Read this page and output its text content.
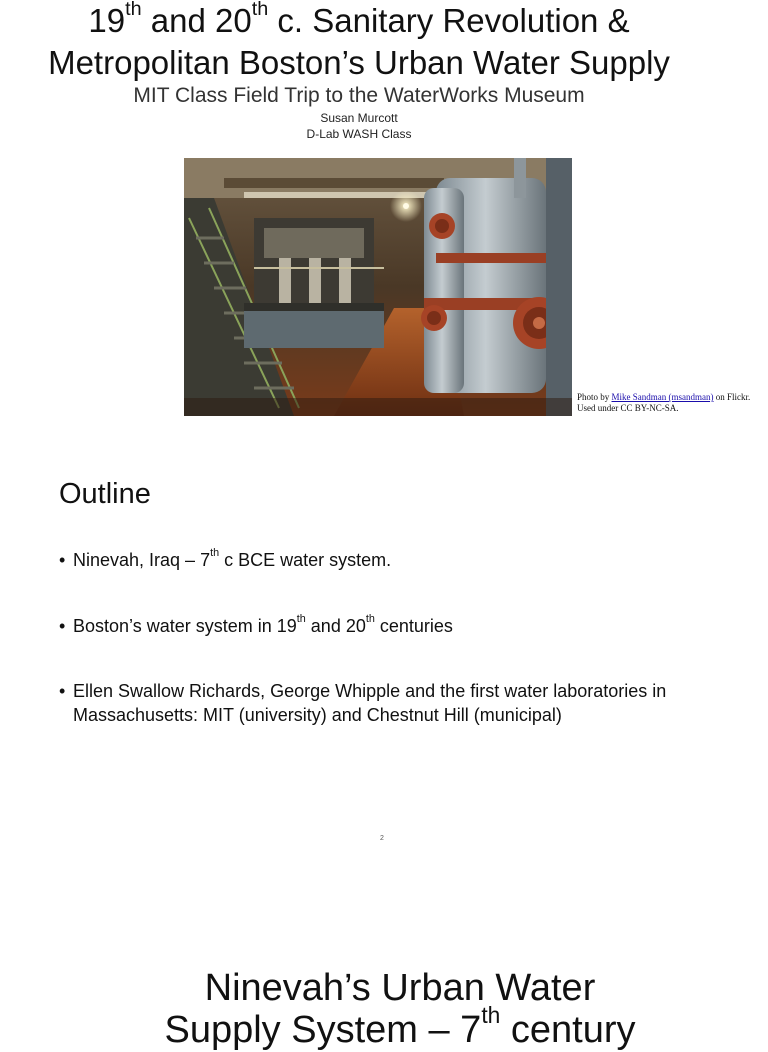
19th and 20th c. Sanitary Revolution &
Metropolitan Boston’s Urban Water Supply
MIT Class Field Trip to the WaterWorks Museum
Susan Murcott
D-Lab WASH Class
Photo by Mike Sandman (msandman) on Flickr. Used under CC BY-NC-SA.
Outline
• Ninevah, Iraq – 7th c BCE water system.
• Boston’s water system in 19th and 20th centuries
• Ellen Swallow Richards, George Whipple and the first water laboratories in Massachusetts: MIT (university) and Chestnut Hill (municipal)
2
Ninevah’s Urban Water
Supply System – 7th century
